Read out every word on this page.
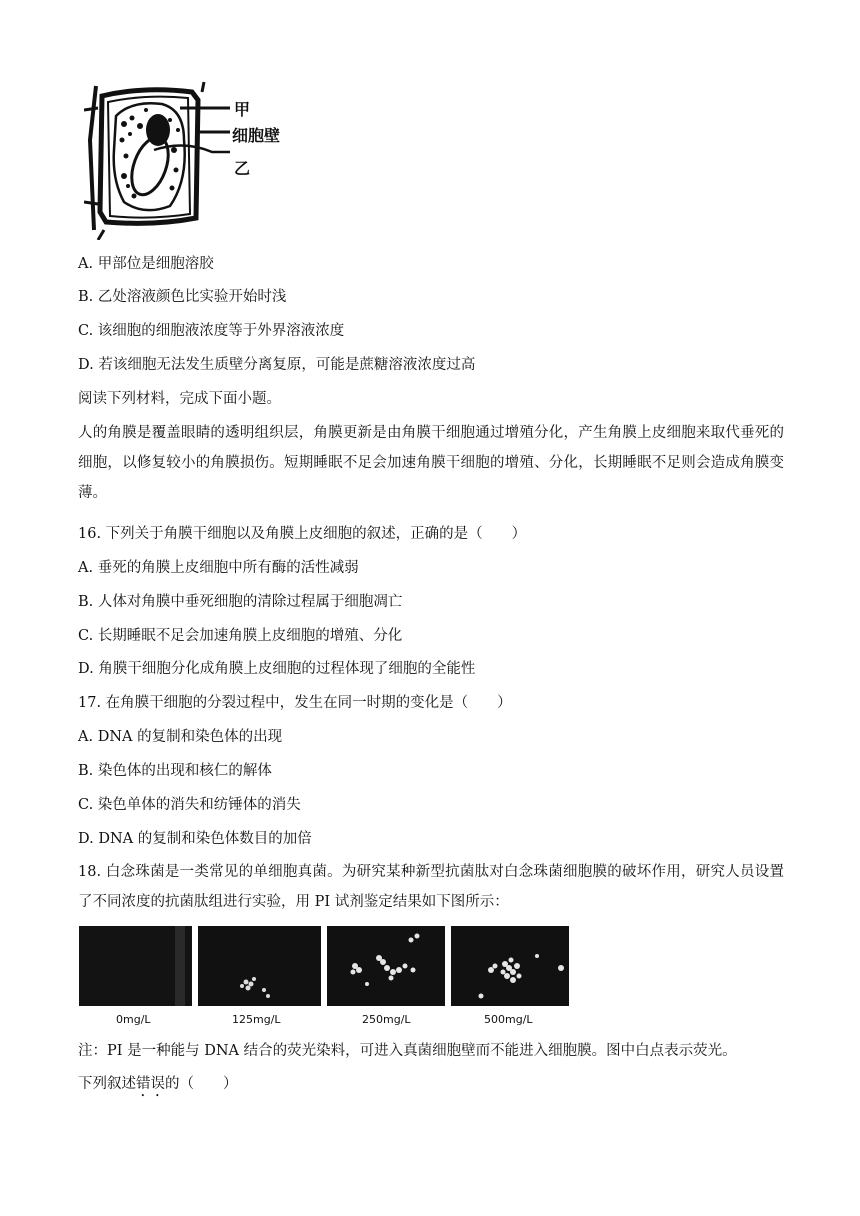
甲
细胞壁
乙
A. 甲部位是细胞溶胶
B. 乙处溶液颜色比实验开始时浅
C. 该细胞的细胞液浓度等于外界溶液浓度
D. 若该细胞无法发生质壁分离复原，可能是蔗糖溶液浓度过高
阅读下列材料，完成下面小题。
人的角膜是覆盖眼睛的透明组织层，角膜更新是由角膜干细胞通过增殖分化，产生角膜上皮细胞来取代垂死的细胞，以修复较小的角膜损伤。短期睡眠不足会加速角膜干细胞的增殖、分化，长期睡眠不足则会造成角膜变薄。
16. 下列关于角膜干细胞以及角膜上皮细胞的叙述，正确的是（　　）
A. 垂死的角膜上皮细胞中所有酶的活性减弱
B. 人体对角膜中垂死细胞的清除过程属于细胞凋亡
C. 长期睡眠不足会加速角膜上皮细胞的增殖、分化
D. 角膜干细胞分化成角膜上皮细胞的过程体现了细胞的全能性
17. 在角膜干细胞的分裂过程中，发生在同一时期的变化是（　　）
A. DNA 的复制和染色体的出现
B. 染色体的出现和核仁的解体
C. 染色单体的消失和纺锤体的消失
D. DNA 的复制和染色体数目的加倍
18. 白念珠菌是一类常见的单细胞真菌。为研究某种新型抗菌肽对白念珠菌细胞膜的破坏作用，研究人员设置了不同浓度的抗菌肽组进行实验，用 PI 试剂鉴定结果如下图所示：
0mg/L	125mg/L	250mg/L	500mg/L
注：PI 是一种能与 DNA 结合的荧光染料，可进入真菌细胞壁而不能进入细胞膜。图中白点表示荧光。
下列叙述错误的（　　）
